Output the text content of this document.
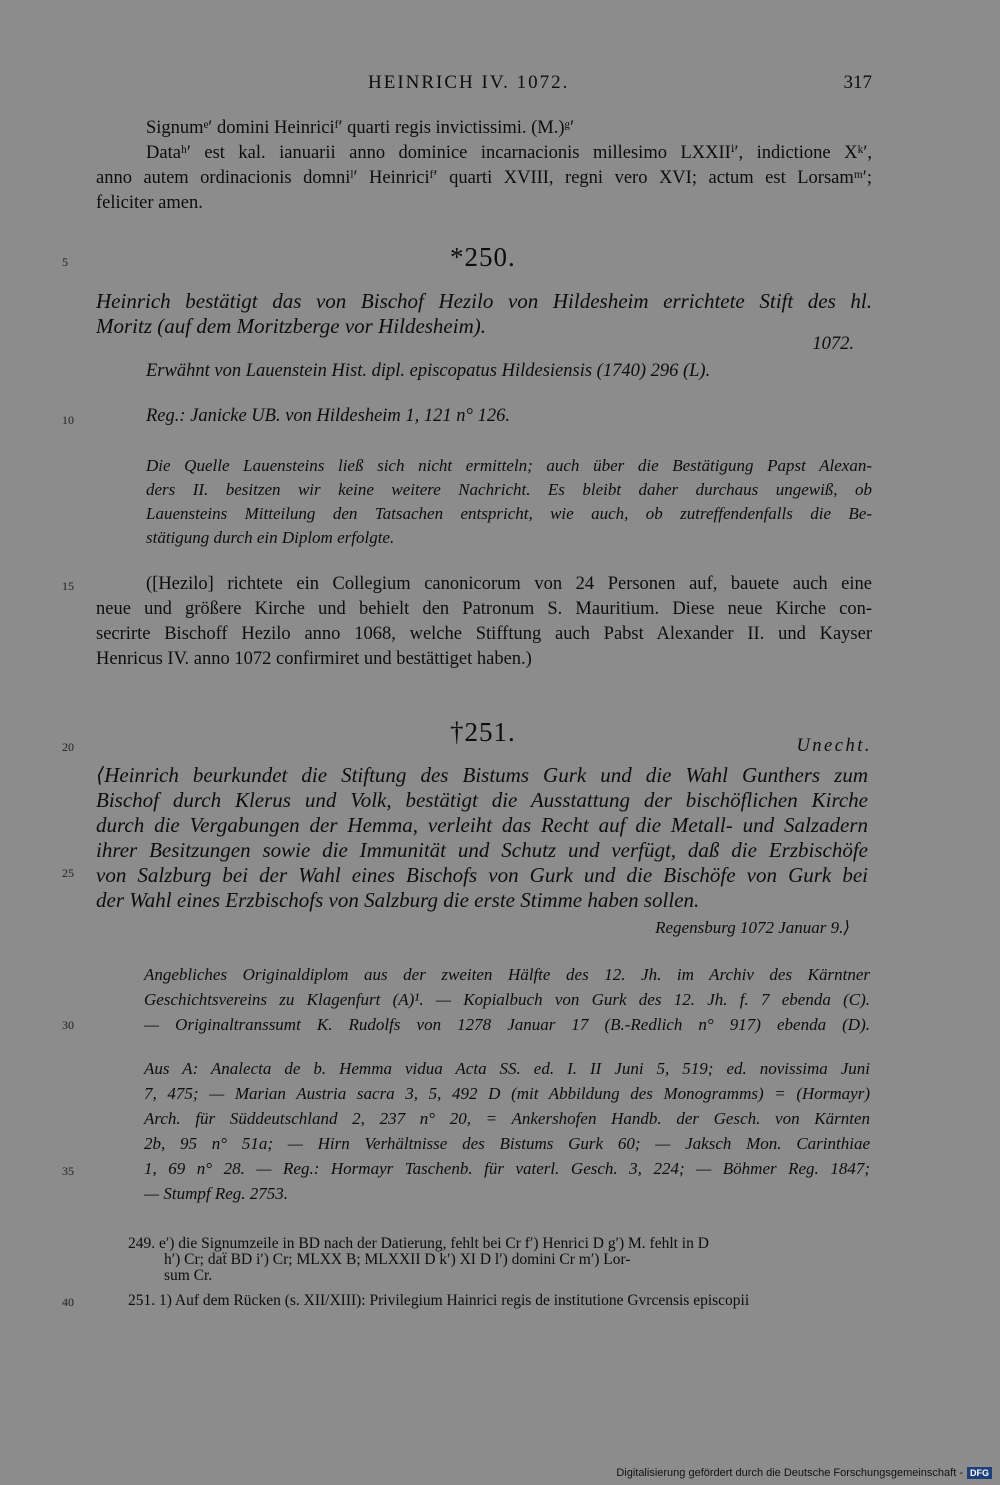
HEINRICH IV. 1072.	317
Signumᵉ′ domini Heinriciᶠ′ quarti regis invictissimi. (M.)ᵍ′
Dataʰ′ est kal. ianuarii anno dominice incarnacionis millesimo LXXIIⁱ′, indictione Xᵏ′,
anno autem ordinacionis domniˡ′ Heinriciᶠ′ quarti XVIII, regni vero XVI; actum est Lorsamᵐ′;
feliciter amen.
5
10
15
20
25
30
35
40
*250.
Heinrich bestätigt das von Bischof Hezilo von Hildesheim errichtete Stift des hl.
Moritz (auf dem Moritzberge vor Hildesheim).
1072.
Erwähnt von Lauenstein Hist. dipl. episcopatus Hildesiensis (1740) 296 (L).
Reg.: Janicke UB. von Hildesheim 1, 121 n° 126.
Die Quelle Lauensteins ließ sich nicht ermitteln; auch über die Bestätigung Papst Alexan-
ders II. besitzen wir keine weitere Nachricht. Es bleibt daher durchaus ungewiß, ob
Lauensteins Mitteilung den Tatsachen entspricht, wie auch, ob zutreffendenfalls die Be-
stätigung durch ein Diplom erfolgte.
([Hezilo] richtete ein Collegium canonicorum von 24 Personen auf, bauete auch eine
neue und größere Kirche und behielt den Patronum S. Mauritium. Diese neue Kirche con-
secrirte Bischoff Hezilo anno 1068, welche Stifftung auch Pabst Alexander II. und Kayser
Henricus IV. anno 1072 confirmiret und bestättiget haben.)
†251.	Unecht.
⟨Heinrich beurkundet die Stiftung des Bistums Gurk und die Wahl Gunthers zum
Bischof durch Klerus und Volk, bestätigt die Ausstattung der bischöflichen Kirche
durch die Vergabungen der Hemma, verleiht das Recht auf die Metall- und Salzadern
ihrer Besitzungen sowie die Immunität und Schutz und verfügt, daß die Erzbischöfe
von Salzburg bei der Wahl eines Bischofs von Gurk und die Bischöfe von Gurk bei
der Wahl eines Erzbischofs von Salzburg die erste Stimme haben sollen.
Regensburg 1072 Januar 9.⟩
Angebliches Originaldiplom aus der zweiten Hälfte des 12. Jh. im Archiv des Kärntner
Geschichtsvereins zu Klagenfurt (A)¹. — Kopialbuch von Gurk des 12. Jh. f. 7 ebenda (C).
— Originaltranssumt K. Rudolfs von 1278 Januar 17 (B.-Redlich n° 917) ebenda (D).
Aus A: Analecta de b. Hemma vidua Acta SS. ed. I. II Juni 5, 519; ed. novissima Juni
7, 475; — Marian Austria sacra 3, 5, 492 D (mit Abbildung des Monogramms) = (Hormayr)
Arch. für Süddeutschland 2, 237 n° 20, = Ankershofen Handb. der Gesch. von Kärnten
2b, 95 n° 51a; — Hirn Verhältnisse des Bistums Gurk 60; — Jaksch Mon. Carinthiae
1, 69 n° 28. — Reg.: Hormayr Taschenb. für vaterl. Gesch. 3, 224; — Böhmer Reg. 1847;
— Stumpf Reg. 2753.
249. e′) die Signumzeile in BD nach der Datierung, fehlt bei Cr f′) Henrici D g′) M. fehlt in D
h′) Cr; daẗ BD i′) Cr; MLXX B; MLXXII D k′) XI D l′) domini Cr m′) Lor-
sum Cr.
251. 1) Auf dem Rücken (s. XII/XIII): Privilegium Hainrici regis de institutione Gvrcensis episcopii
Digitalisierung gefördert durch die Deutsche Forschungsgemeinschaft - DFG
